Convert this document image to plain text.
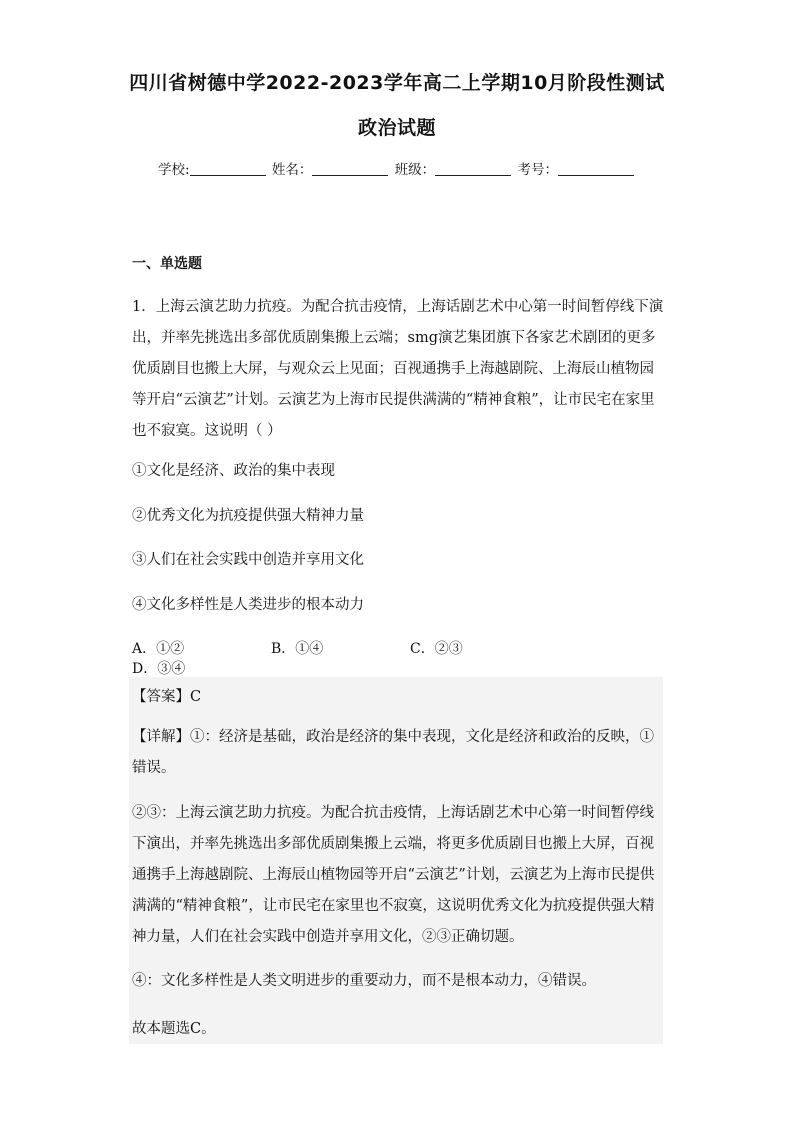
四川省树德中学2022-2023学年高二上学期10月阶段性测试
政治试题
学校:	姓名：	班级：	考号：
一、单选题
1．上海云演艺助力抗疫。为配合抗击疫情，上海话剧艺术中心第一时间暂停线下演出，并率先挑选出多部优质剧集搬上云端；smg演艺集团旗下各家艺术剧团的更多优质剧目也搬上大屏，与观众云上见面；百视通携手上海越剧院、上海辰山植物园等开启“云演艺”计划。云演艺为上海市民提供满满的“精神食粮”，让市民宅在家里也不寂寞。这说明（ ）
①文化是经济、政治的集中表现
②优秀文化为抗疫提供强大精神力量
③人们在社会实践中创造并享用文化
④文化多样性是人类进步的根本动力
A．①②	B．①④	C．②③D．③④
【答案】C
【详解】①：经济是基础，政治是经济的集中表现，文化是经济和政治的反映，①错误。
②③：上海云演艺助力抗疫。为配合抗击疫情，上海话剧艺术中心第一时间暂停线下演出，并率先挑选出多部优质剧集搬上云端，将更多优质剧目也搬上大屏，百视通携手上海越剧院、上海辰山植物园等开启“云演艺”计划，云演艺为上海市民提供满满的“精神食粮”，让市民宅在家里也不寂寞，这说明优秀文化为抗疫提供强大精神力量，人们在社会实践中创造并享用文化，②③正确切题。
④：文化多样性是人类文明进步的重要动力，而不是根本动力，④错误。
故本题选C。
